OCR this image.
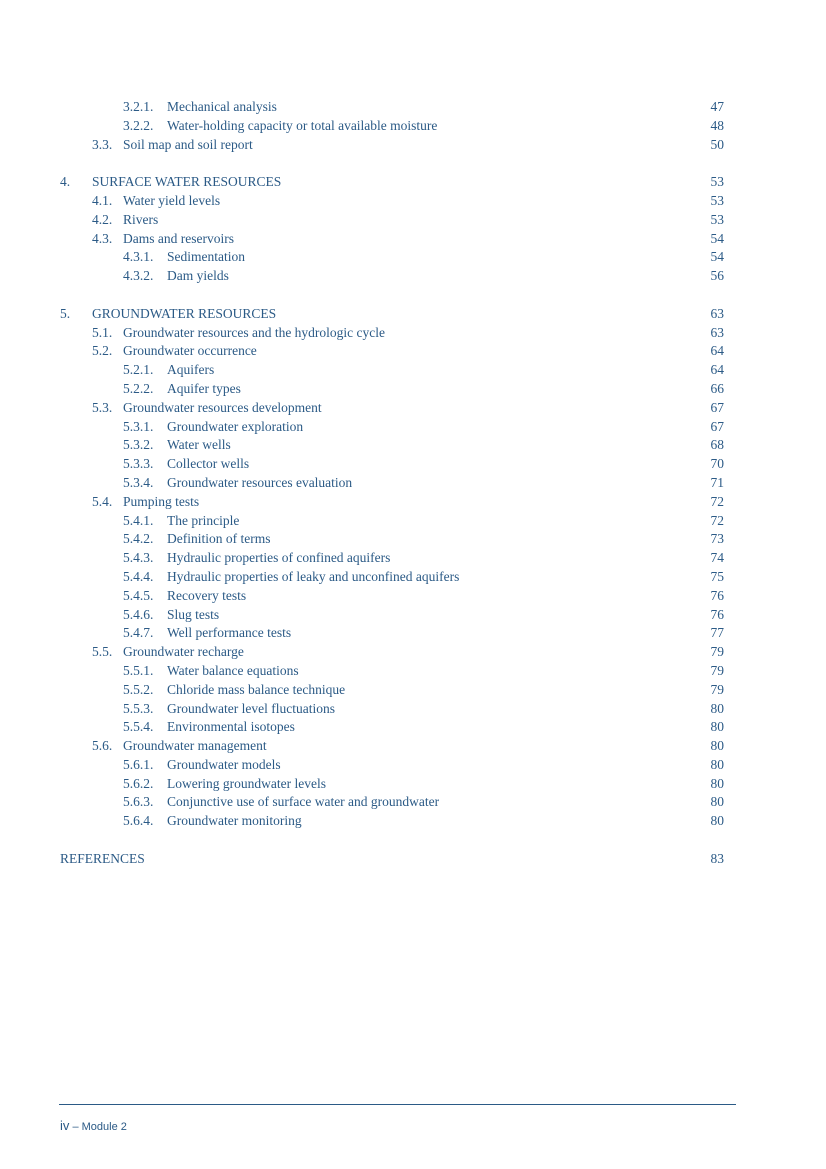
3.2.1. Mechanical analysis	47
3.2.2. Water-holding capacity or total available moisture	48
3.3. Soil map and soil report	50
4. SURFACE WATER RESOURCES	53
4.1. Water yield levels	53
4.2. Rivers	53
4.3. Dams and reservoirs	54
4.3.1. Sedimentation	54
4.3.2. Dam yields	56
5. GROUNDWATER RESOURCES	63
5.1. Groundwater resources and the hydrologic cycle	63
5.2. Groundwater occurrence	64
5.2.1. Aquifers	64
5.2.2. Aquifer types	66
5.3. Groundwater resources development	67
5.3.1. Groundwater exploration	67
5.3.2. Water wells	68
5.3.3. Collector wells	70
5.3.4. Groundwater resources evaluation	71
5.4. Pumping tests	72
5.4.1. The principle	72
5.4.2. Definition of terms	73
5.4.3. Hydraulic properties of confined aquifers	74
5.4.4. Hydraulic properties of leaky and unconfined aquifers	75
5.4.5. Recovery tests	76
5.4.6. Slug tests	76
5.4.7. Well performance tests	77
5.5. Groundwater recharge	79
5.5.1. Water balance equations	79
5.5.2. Chloride mass balance technique	79
5.5.3. Groundwater level fluctuations	80
5.5.4. Environmental isotopes	80
5.6. Groundwater management	80
5.6.1. Groundwater models	80
5.6.2. Lowering groundwater levels	80
5.6.3. Conjunctive use of surface water and groundwater	80
5.6.4. Groundwater monitoring	80
REFERENCES	83
iv – Module 2
